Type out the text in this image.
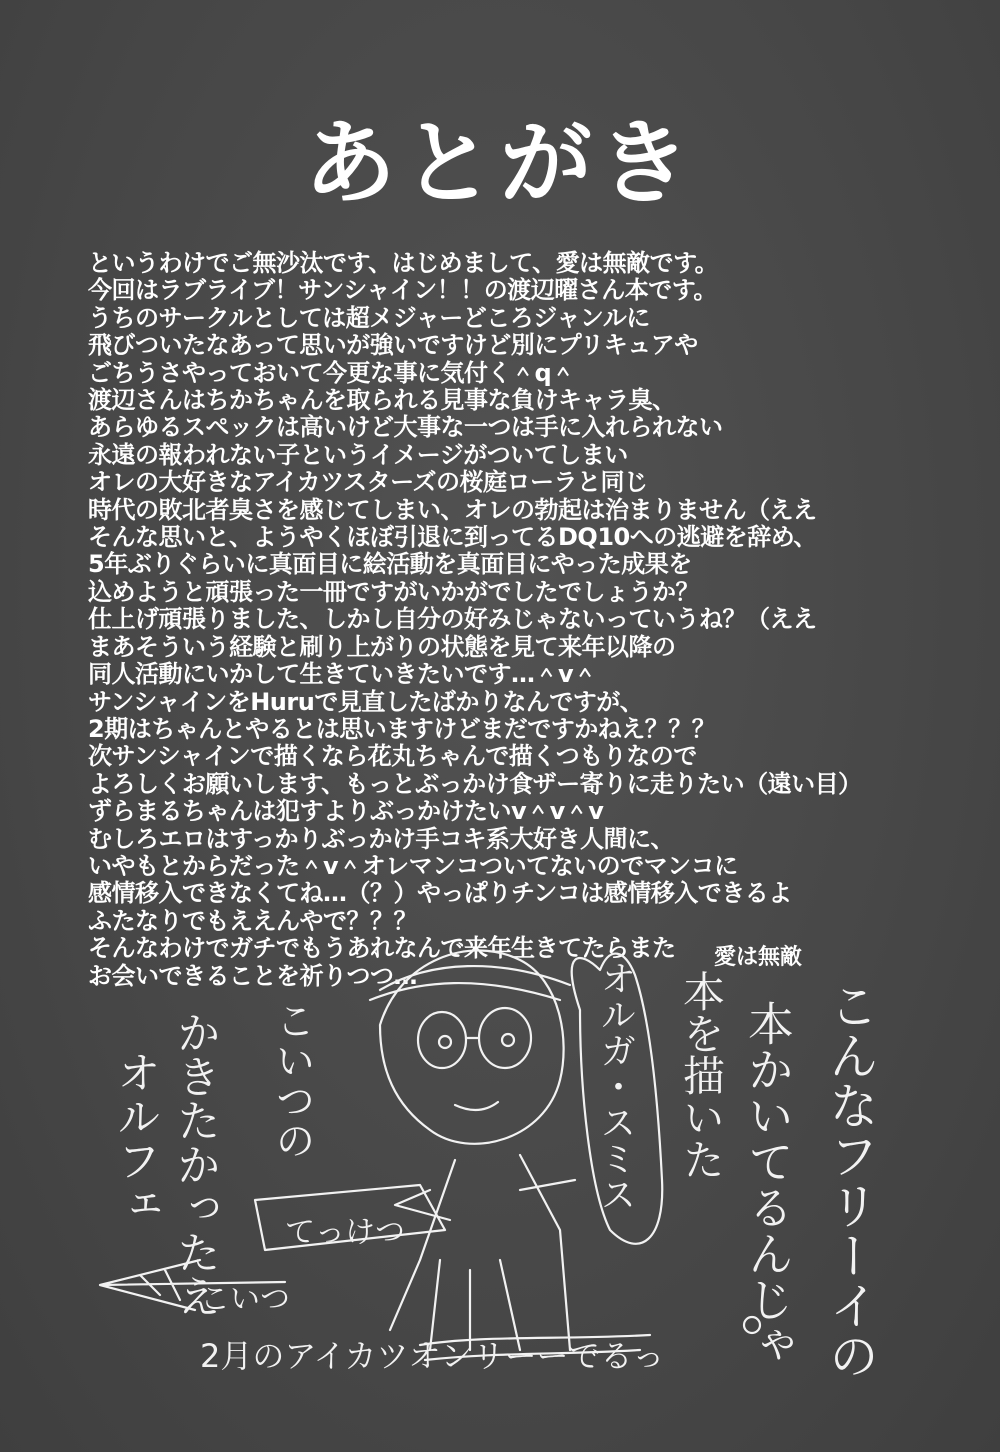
あとがき
というわけでご無沙汰です、はじめまして、愛は無敵です。
今回はラブライブ！サンシャイン！！の渡辺曜さん本です。
うちのサークルとしては超メジャーどころジャンルに
飛びついたなあって思いが強いですけど別にプリキュアや
ごちうさやっておいて今更な事に気付く＾q＾
渡辺さんはちかちゃんを取られる見事な負けキャラ臭、
あらゆるスペックは高いけど大事な一つは手に入れられない
永遠の報われない子というイメージがついてしまい
オレの大好きなアイカツスターズの桜庭ローラと同じ
時代の敗北者臭さを感じてしまい、オレの勃起は治まりません（ええ
そんな思いと、ようやくほぼ引退に到ってるDQ10への逃避を辞め、
5年ぶりぐらいに真面目に絵活動を真面目にやった成果を
込めようと頑張った一冊ですがいかがでしたでしょうか？
仕上げ頑張りました、しかし自分の好みじゃないっていうね？（ええ
まあそういう経験と刷り上がりの状態を見て来年以降の
同人活動にいかして生きていきたいです…＾v＾
サンシャインをHuruで見直したばかりなんですが、
2期はちゃんとやるとは思いますけどまだですかねえ？？？
次サンシャインで描くなら花丸ちゃんで描くつもりなので
よろしくお願いします、もっとぶっかけ食ザー寄りに走りたい（遠い目）
ずらまるちゃんは犯すよりぶっかけたいv＾v＾v
むしろエロはすっかりぶっかけ手コキ系大好き人間に、
いやもとからだった＾v＾オレマンコついてないのでマンコに
感情移入できなくてね…（？）やっぱりチンコは感情移入できるよ
ふたなりでもええんやで？？？
そんなわけでガチでもうあれなんで来年生きてたらまた
お会いできることを祈りつつ…
愛は無敵
オルフェ かきたかったえ こいつの	オルガ・スミス 本を描いた 本かいてるんじゃ こんなフリーイの
てっけつ
こいつ
2月のアイカツオンリーーでるっ
